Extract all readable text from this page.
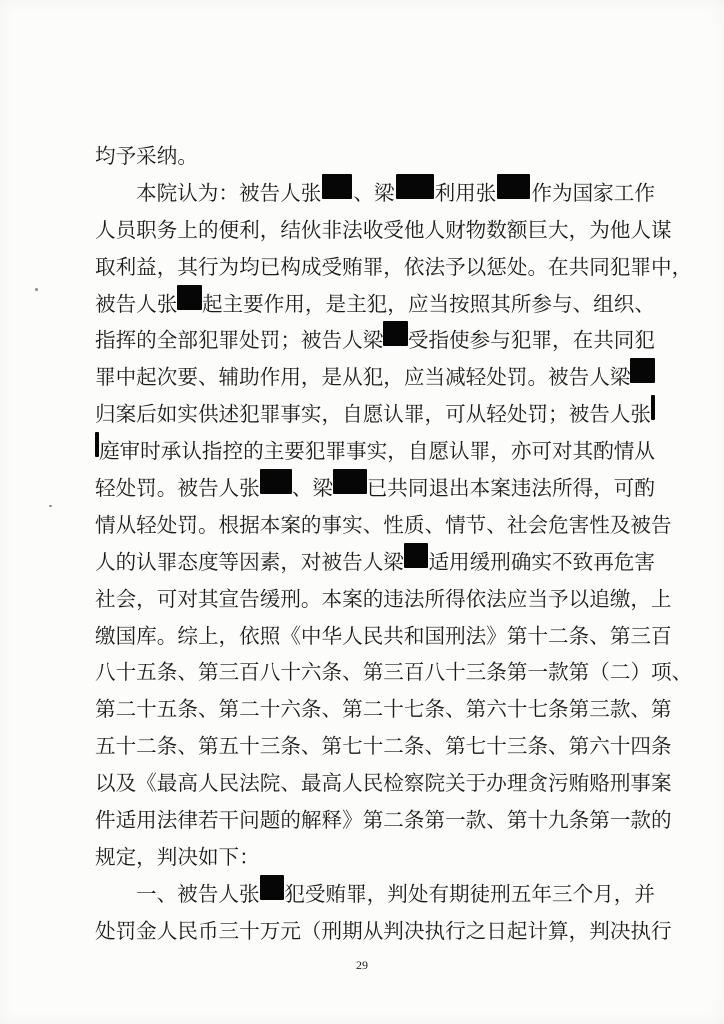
均予采纳。
本院认为：被告人张 、梁 利用张 作为国家工作
人员职务上的便利，结伙非法收受他人财物数额巨大，为他人谋
取利益，其行为均已构成受贿罪，依法予以惩处。在共同犯罪中，
被告人张 起主要作用，是主犯，应当按照其所参与、组织、
指挥的全部犯罪处罚；被告人梁 受指使参与犯罪，在共同犯
罪中起次要、辅助作用，是从犯，应当减轻处罚。被告人梁
归案后如实供述犯罪事实，自愿认罪，可从轻处罚；被告人张
庭审时承认指控的主要犯罪事实，自愿认罪，亦可对其酌情从
轻处罚。被告人张 、梁 已共同退出本案违法所得，可酌
情从轻处罚。根据本案的事实、性质、情节、社会危害性及被告
人的认罪态度等因素，对被告人梁 适用缓刑确实不致再危害
社会，可对其宣告缓刑。本案的违法所得依法应当予以追缴，上
缴国库。综上，依照《中华人民共和国刑法》第十二条、第三百
八十五条、第三百八十六条、第三百八十三条第一款第（二）项、
第二十五条、第二十六条、第二十七条、第六十七条第三款、第
五十二条、第五十三条、第七十二条、第七十三条、第六十四条
以及《最高人民法院、最高人民检察院关于办理贪污贿赂刑事案
件适用法律若干问题的解释》第二条第一款、第十九条第一款的
规定，判决如下：
一、被告人张 犯受贿罪，判处有期徒刑五年三个月，并
处罚金人民币三十万元（刑期从判决执行之日起计算，判决执行
29
